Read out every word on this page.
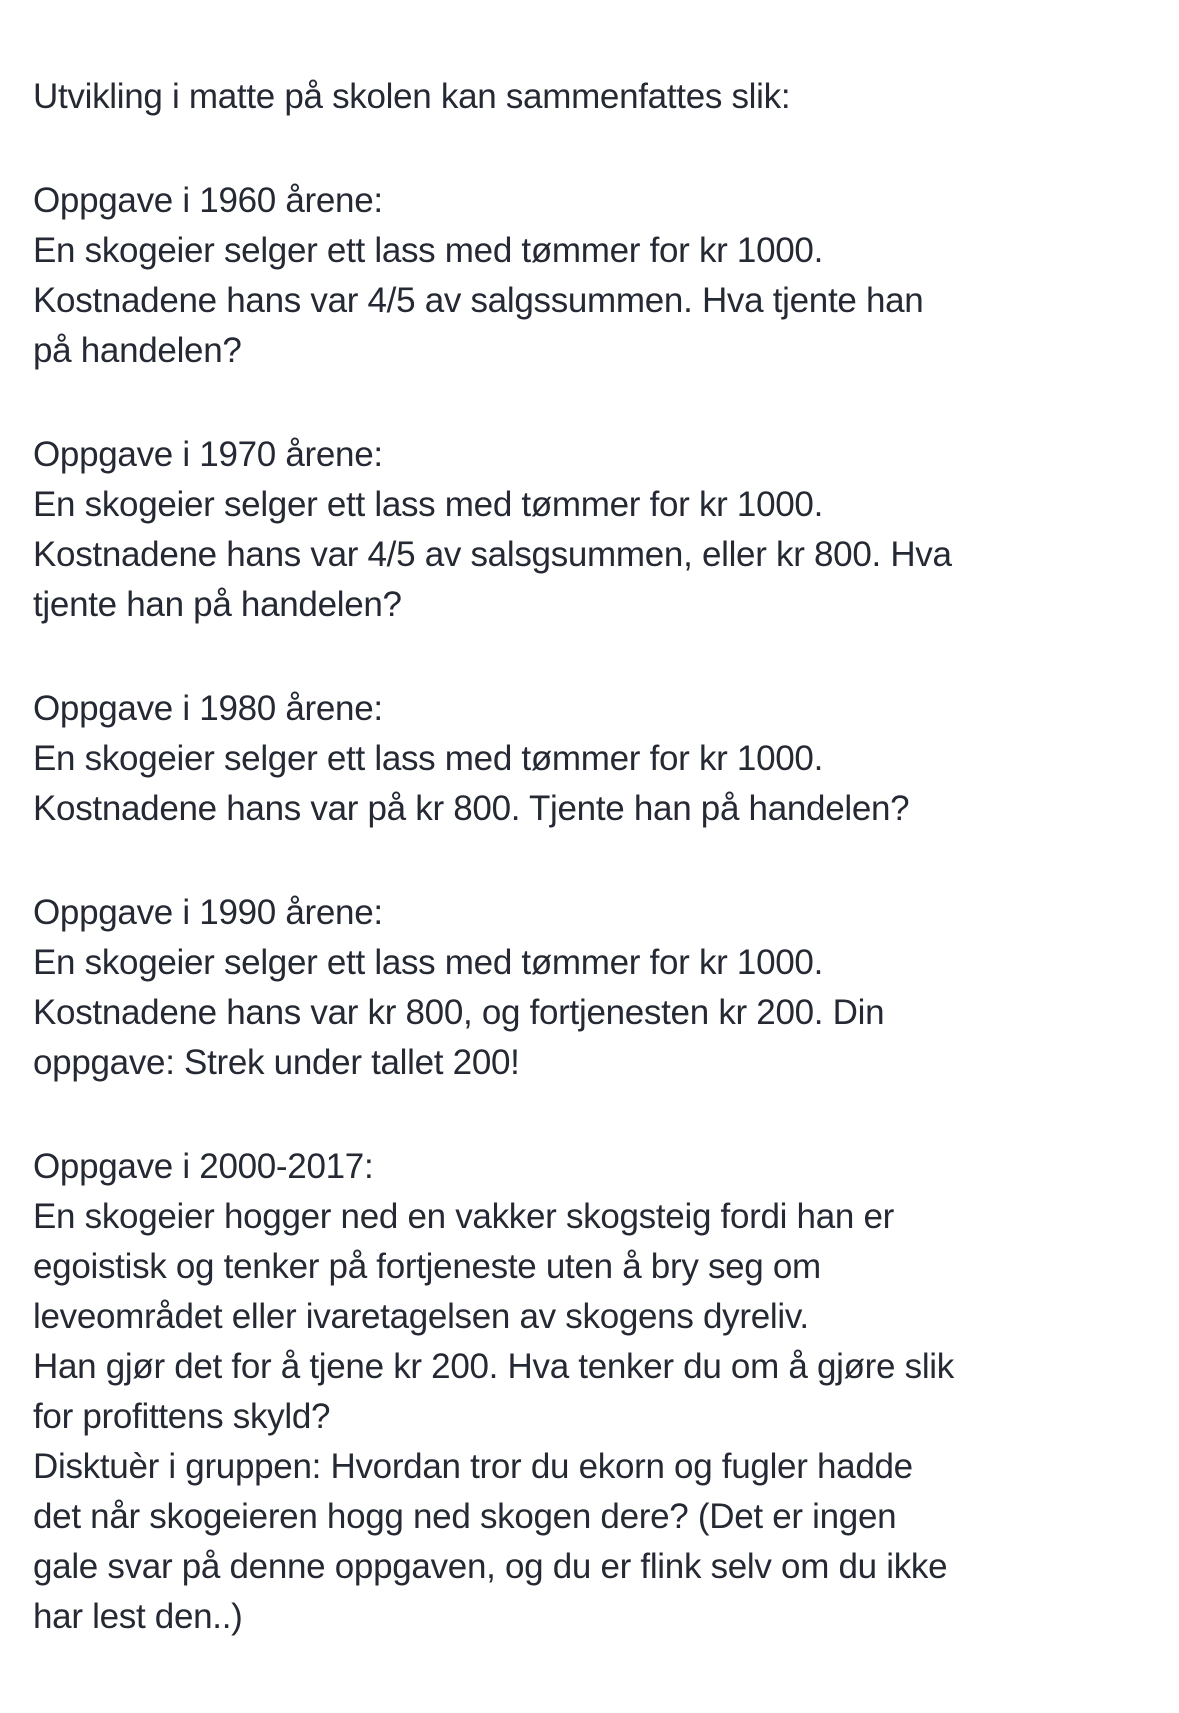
Utvikling i matte på skolen kan sammenfattes slik:
Oppgave i 1960 årene:
En skogeier selger ett lass med tømmer for kr 1000.
Kostnadene hans var 4/5 av salgssummen. Hva tjente han
på handelen?
Oppgave i 1970 årene:
En skogeier selger ett lass med tømmer for kr 1000.
Kostnadene hans var 4/5 av salsgsummen, eller kr 800. Hva
tjente han på handelen?
Oppgave i 1980 årene:
En skogeier selger ett lass med tømmer for kr 1000.
Kostnadene hans var på kr 800. Tjente han på handelen?
Oppgave i 1990 årene:
En skogeier selger ett lass med tømmer for kr 1000.
Kostnadene hans var kr 800, og fortjenesten kr 200. Din
oppgave: Strek under tallet 200!
Oppgave i 2000-2017:
En skogeier hogger ned en vakker skogsteig fordi han er
egoistisk og tenker på fortjeneste uten å bry seg om
leveområdet eller ivaretagelsen av skogens dyreliv.
Han gjør det for å tjene kr 200. Hva tenker du om å gjøre slik
for profittens skyld?
Disktuèr i gruppen: Hvordan tror du ekorn og fugler hadde
det når skogeieren hogg ned skogen dere? (Det er ingen
gale svar på denne oppgaven, og du er flink selv om du ikke
har lest den..)
